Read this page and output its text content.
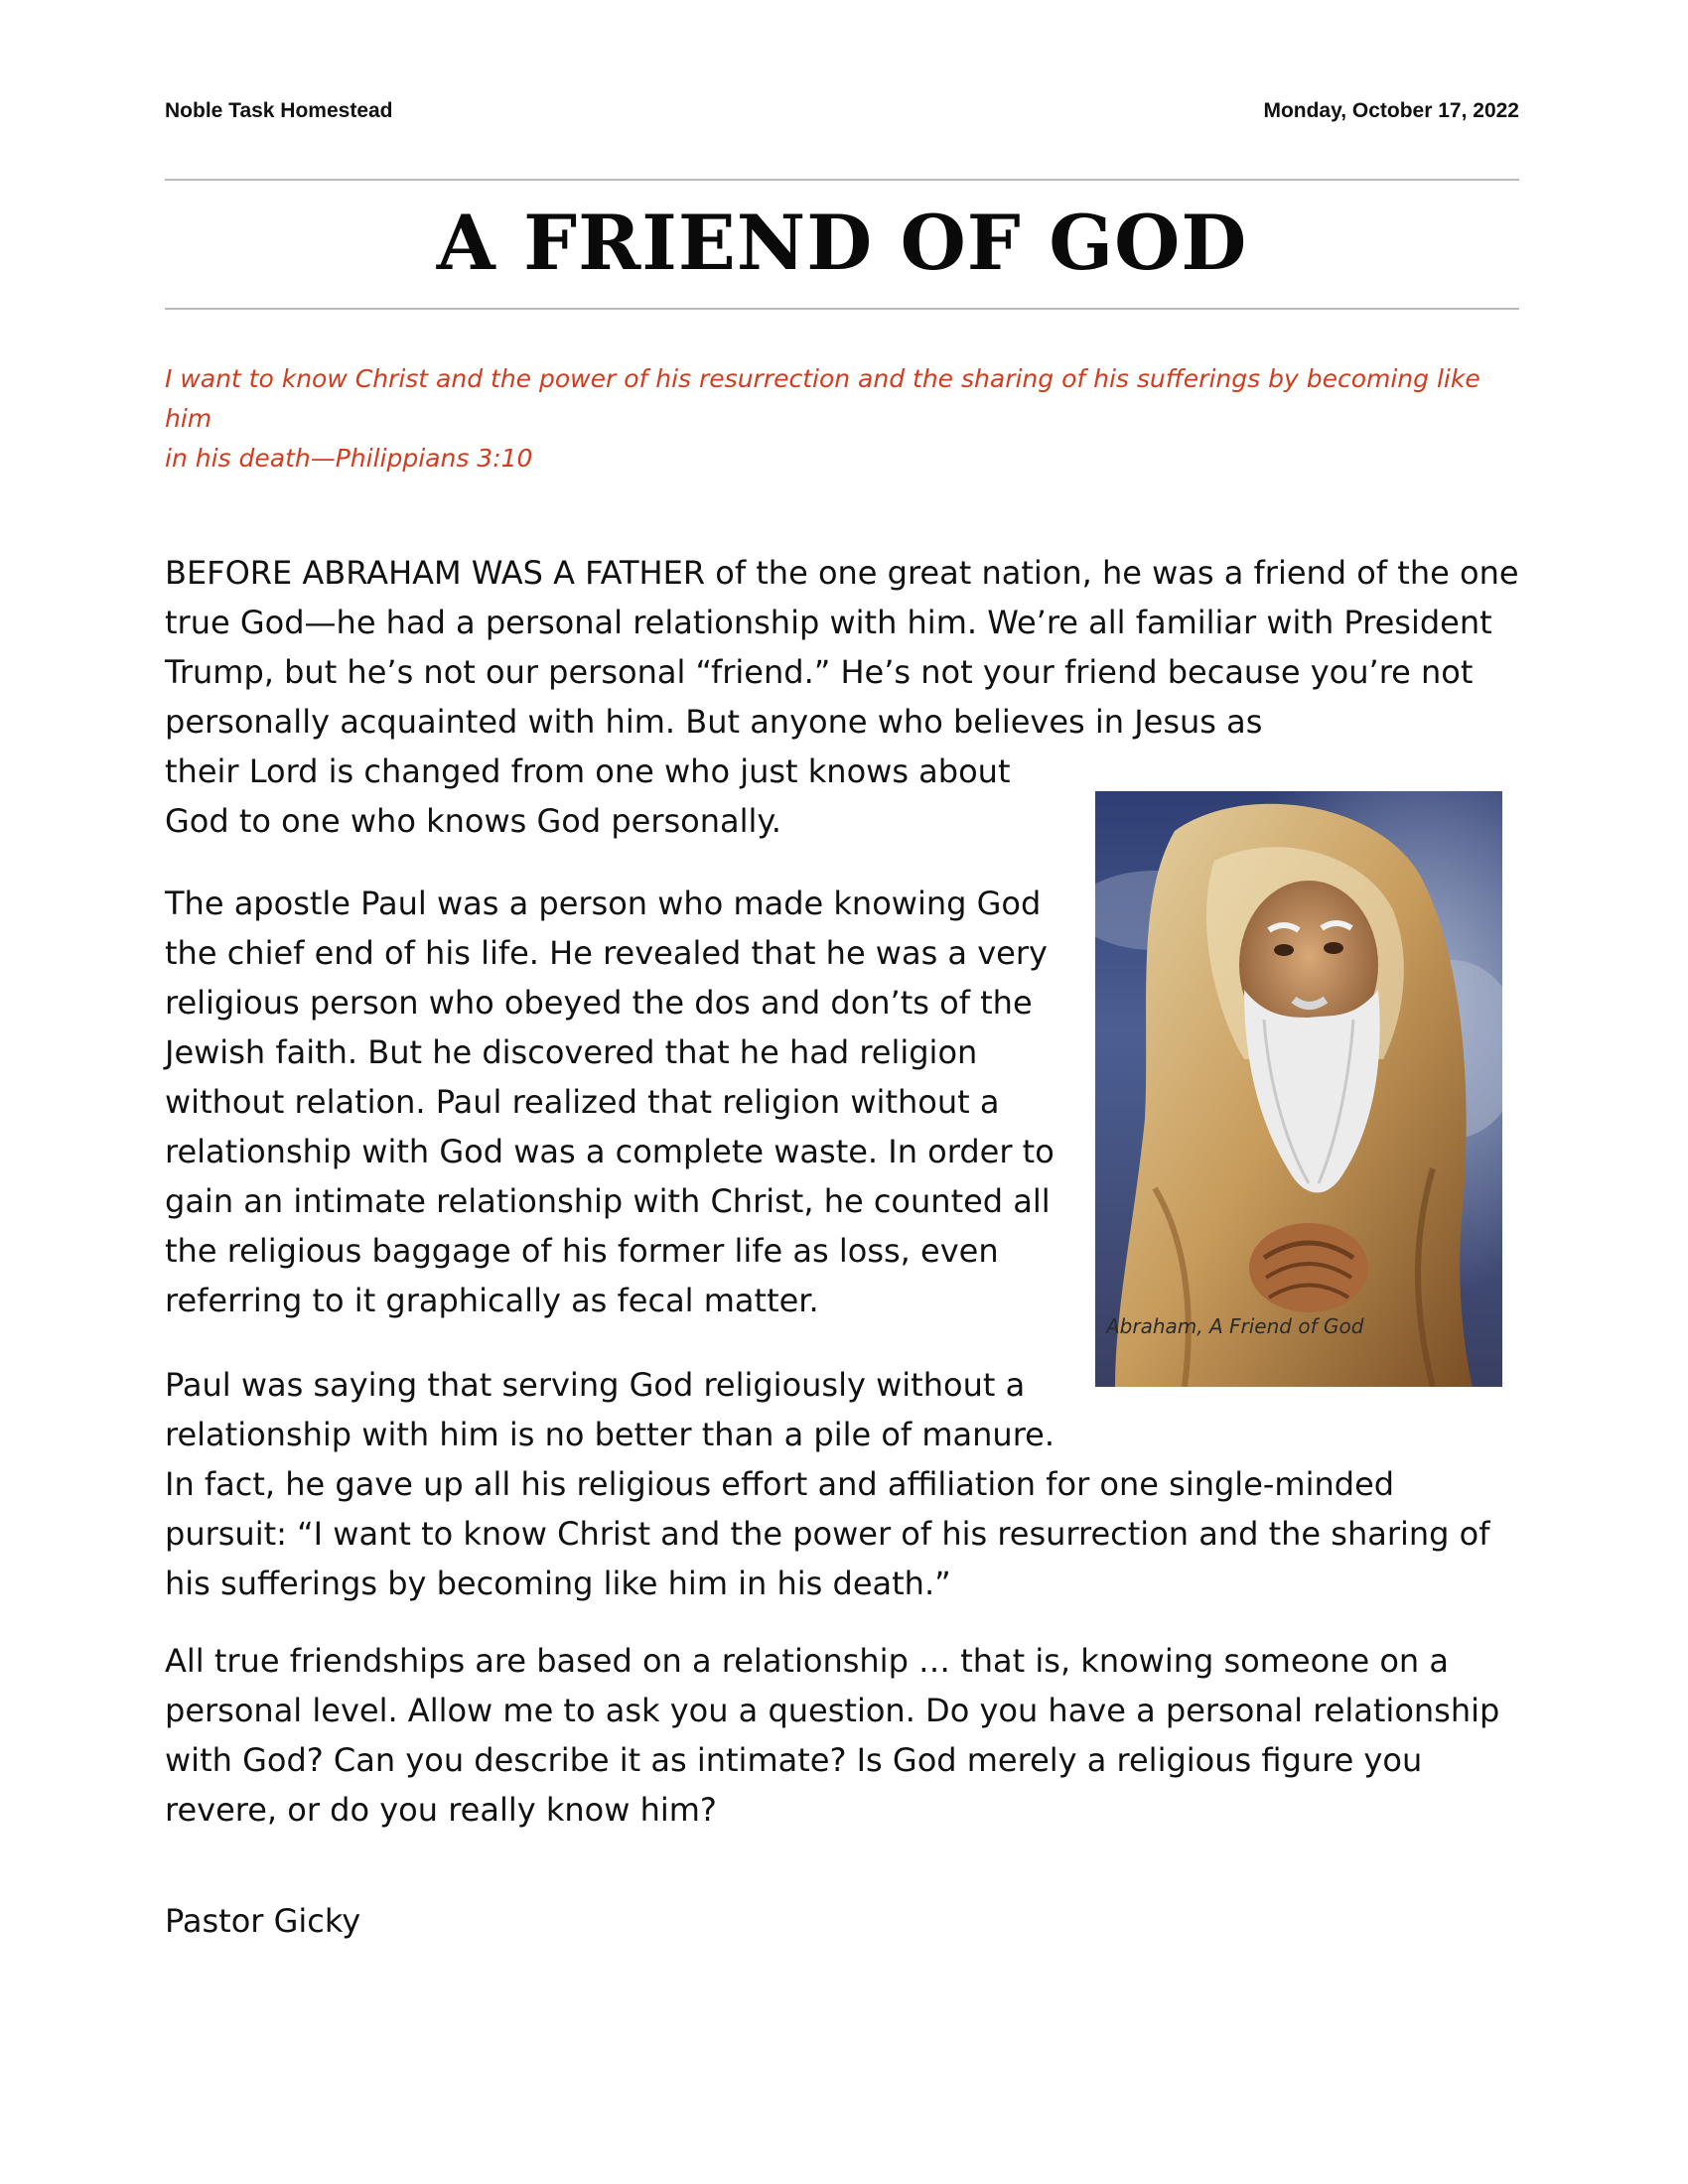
Noble Task Homestead	Monday, October 17, 2022
A FRIEND OF GOD

I want to know Christ and the power of his resurrection and the sharing of his sufferings by becoming like him
in his death—Philippians 3:10

BEFORE ABRAHAM WAS A FATHER of the one great nation, he was a friend of the one true God—he had a personal relationship with him. We’re all familiar with President Trump, but he’s not our personal “friend.” He’s not your friend because you’re not personally acquainted with him. But anyone who believes in Jesus as

their Lord is changed from one who just knows about God to one who knows God personally.

The apostle Paul was a person who made knowing God the chief end of his life. He revealed that he was a very religious person who obeyed the dos and don’ts of the Jewish faith. But he discovered that he had religion without relation. Paul realized that religion without a relationship with God was a complete waste. In order to gain an intimate relationship with Christ, he counted all the religious baggage of his former life as loss, even referring to it graphically as fecal matter.

Paul was saying that serving God religiously without a relationship with him is no better than a pile of manure.

In fact, he gave up all his religious effort and affiliation for one single-minded pursuit: “I want to know Christ and the power of his resurrection and the sharing of his sufferings by becoming like him in his death.”

All true friendships are based on a relationship … that is, knowing someone on a personal level. Allow me to ask you a question. Do you have a personal relationship with God? Can you describe it as intimate? Is God merely a religious figure you revere, or do you really know him?

Pastor Gicky

Abraham, A Friend of God
